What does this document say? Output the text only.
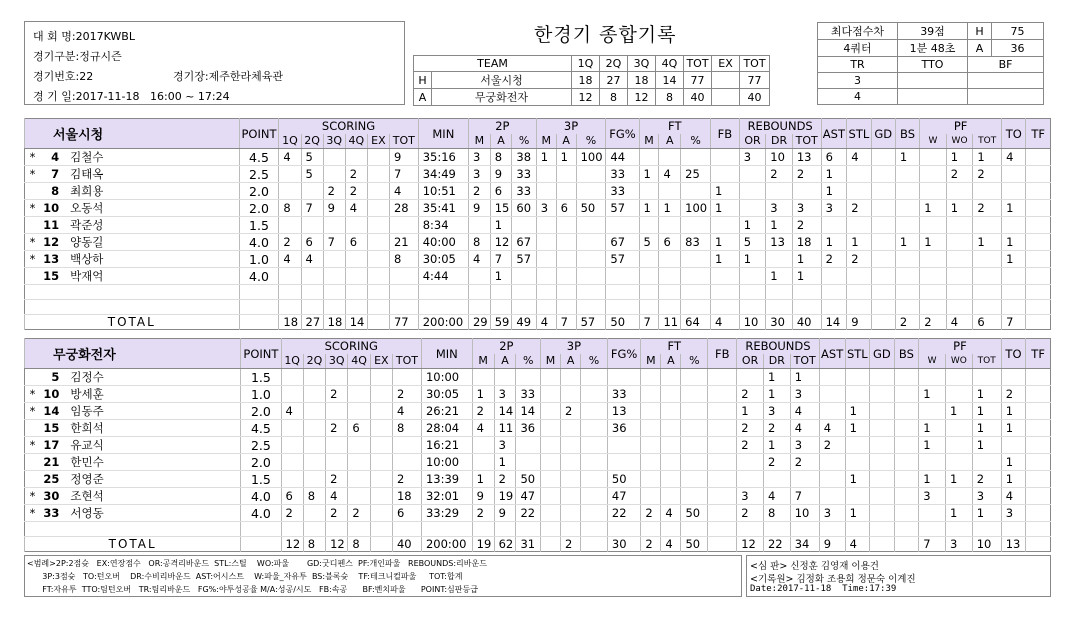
대 회 명:2017KWBL
경기구분:정규시즌
경기번호:22	경기장:제주한라체육관
경 기 일:2017-11-18   16:00 ~ 17:24
한경기 종합기록
TEAM		1Q	2Q	3Q	4Q	TOT	EX	TOT
H	서울시청	18	27	18	14	77		77
A	무궁화전자	12	8	12	8	40		40
최다점수차	39점	H	75
4쿼터	1분 48초	A	36
TR	TTO	BF	
3			
4			
서울시청			POINT	SCORING						MIN	2P			3P			FG%	FT			FB	REBOUNDS			AST	STL	GD	BS	PF			TO	TF
				1Q	2Q	3Q	4Q	EX	TOT		M	A	%	M	A	%		M	A	%		OR	DR	TOT					W	WO	TOT		
*	4	김철수	4.5	4	5				9	35:16	3	8	38	1	1	100	44					3	10	13	6	4		1		1	1	4	
*	7	김태옥	2.5		5		2		7	34:49	3	9	33				33	1	4	25			2	2	1					2	2		
	8	최희용	2.0			2	2		4	10:51	2	6	33				33				1				1								
*	10	오동석	2.0	8	7	9	4		28	35:41	9	15	60	3	6	50	57	1	1	100	1		3	3	3	2			1	1	2	1	
	11	곽준성	1.5							8:34		1										1	1	2									
*	12	양동길	4.0	2	6	7	6		21	40:00	8	12	67				67	5	6	83	1	5	13	18	1	1		1	1		1	1	
*	13	백상하	1.0	4	4				8	30:05	4	7	57				57				1	1		1	2	2						1	
	15	박재억	4.0							4:44		1											1	1									

TOTAL				18	27	18	14		77	200:00	29	59	49	4	7	57	50	7	11	64	4	10	30	40	14	9		2	2	4	6	7	
무궁화전자			POINT	SCORING						MIN	2P			3P			FG%	FT			FB	REBOUNDS			AST	STL	GD	BS	PF			TO	TF
				1Q	2Q	3Q	4Q	EX	TOT		M	A	%	M	A	%		M	A	%		OR	DR	TOT					W	WO	TOT		
	5	김정수	1.5							10:00													1	1									
*	10	방세훈	1.0			2			2	30:05	1	3	33				33					2	1	3					1		1	2	
*	14	임동주	2.0	4					4	26:21	2	14	14		2		13					1	3	4		1				1	1	1	
	15	한희석	4.5			2	6		8	28:04	4	11	36				36					2	2	4	4	1			1		1	1	
*	17	유교식	2.5							16:21		3										2	1	3	2				1		1		
	21	한민수	2.0							10:00		1											2	2								1	
	25	정영준	1.5			2			2	13:39	1	2	50				50									1			1	1	2	1	
*	30	조현석	4.0	6	8	4			18	32:01	9	19	47				47					3	4	7					3		3	4	
*	33	서영동	4.0	2		2	2		6	33:29	2	9	22				22	2	4	50		2	8	10	3	1				1	1	3	

TOTAL				12	8	12	8		40	200:00	19	62	31		2		30	2	4	50		12	22	34	9	4			7	3	10	13	
<범례>2P:2점슛   EX:연장점수   OR:공격리바운드  STL:스틸    WO:파울       GD:굿디펜스  PF:개인파울   REBOUNDS:리바운드
3P:3점슛   TO:턴오버    DR:수비리바운드  AST:어시스트    W:파울_자유투  BS:블록슛    TF:테크니컬파울     TOT:합계
FT:자유투  TTO:팀턴오버   TR:팀리바운드   FG%:야투성공율 M/A:성공/시도   FB:속공      BF:벤치파울      POINT:심판등급
<심 판> 신정훈 김영재 이용건
<기록원> 김정화 조용희 정문숙 이계진
Date:2017-11-18  Time:17:39
